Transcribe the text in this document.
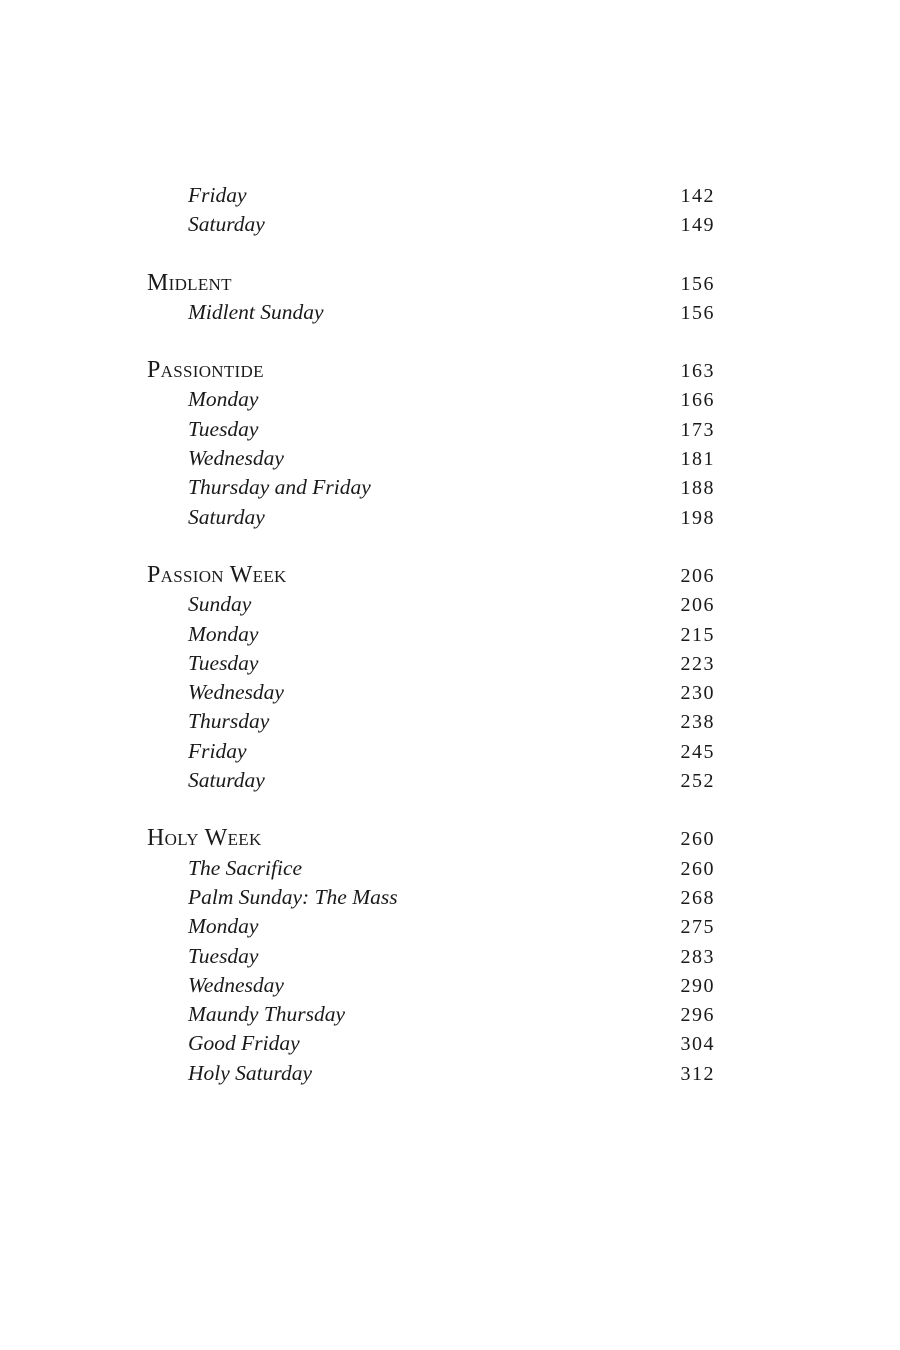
Friday	142
Saturday	149
Midlent	156
Midlent Sunday	156
Passiontide	163
Monday	166
Tuesday	173
Wednesday	181
Thursday and Friday	188
Saturday	198
Passion Week	206
Sunday	206
Monday	215
Tuesday	223
Wednesday	230
Thursday	238
Friday	245
Saturday	252
Holy Week	260
The Sacrifice	260
Palm Sunday: The Mass	268
Monday	275
Tuesday	283
Wednesday	290
Maundy Thursday	296
Good Friday	304
Holy Saturday	312
